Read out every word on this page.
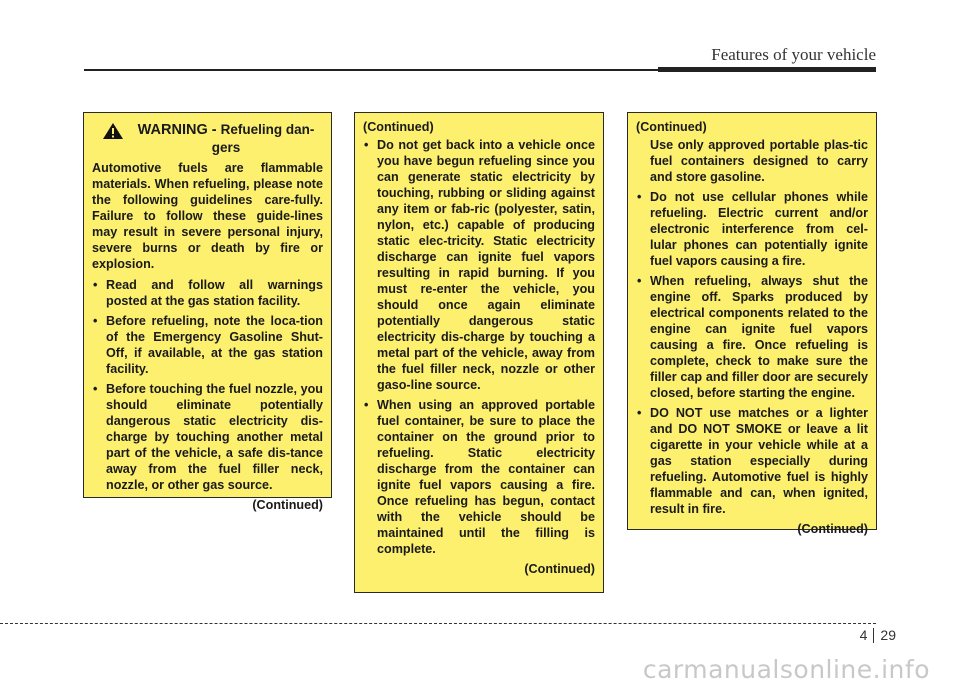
Features of your vehicle
WARNING - Refueling dan-gers
Automotive fuels are flammable materials. When refueling, please note the following guidelines care-fully. Failure to follow these guide-lines may result in severe personal injury, severe burns or death by fire or explosion.
• Read and follow all warnings posted at the gas station facility.
• Before refueling, note the loca-tion of the Emergency Gasoline Shut-Off, if available, at the gas station facility.
• Before touching the fuel nozzle, you should eliminate potentially dangerous static electricity dis-charge by touching another metal part of the vehicle, a safe dis-tance away from the fuel filler neck, nozzle, or other gas source.
(Continued)
(Continued)
• Do not get back into a vehicle once you have begun refueling since you can generate static electricity by touching, rubbing or sliding against any item or fab-ric (polyester, satin, nylon, etc.) capable of producing static elec-tricity. Static electricity discharge can ignite fuel vapors resulting in rapid burning. If you must re-enter the vehicle, you should once again eliminate potentially dangerous static electricity dis-charge by touching a metal part of the vehicle, away from the fuel filler neck, nozzle or other gaso-line source.
• When using an approved portable fuel container, be sure to place the container on the ground prior to refueling. Static electricity discharge from the container can ignite fuel vapors causing a fire. Once refueling has begun, contact with the vehicle should be maintained until the filling is complete.
(Continued)
(Continued)
Use only approved portable plas-tic fuel containers designed to carry and store gasoline.
• Do not use cellular phones while refueling. Electric current and/or electronic interference from cel-lular phones can potentially ignite fuel vapors causing a fire.
• When refueling, always shut the engine off. Sparks produced by electrical components related to the engine can ignite fuel vapors causing a fire. Once refueling is complete, check to make sure the filler cap and filler door are securely closed, before starting the engine.
• DO NOT use matches or a lighter and DO NOT SMOKE or leave a lit cigarette in your vehicle while at a gas station especially during refueling. Automotive fuel is highly flammable and can, when ignited, result in fire.
(Continued)
4 29
carmanualsonline.info
